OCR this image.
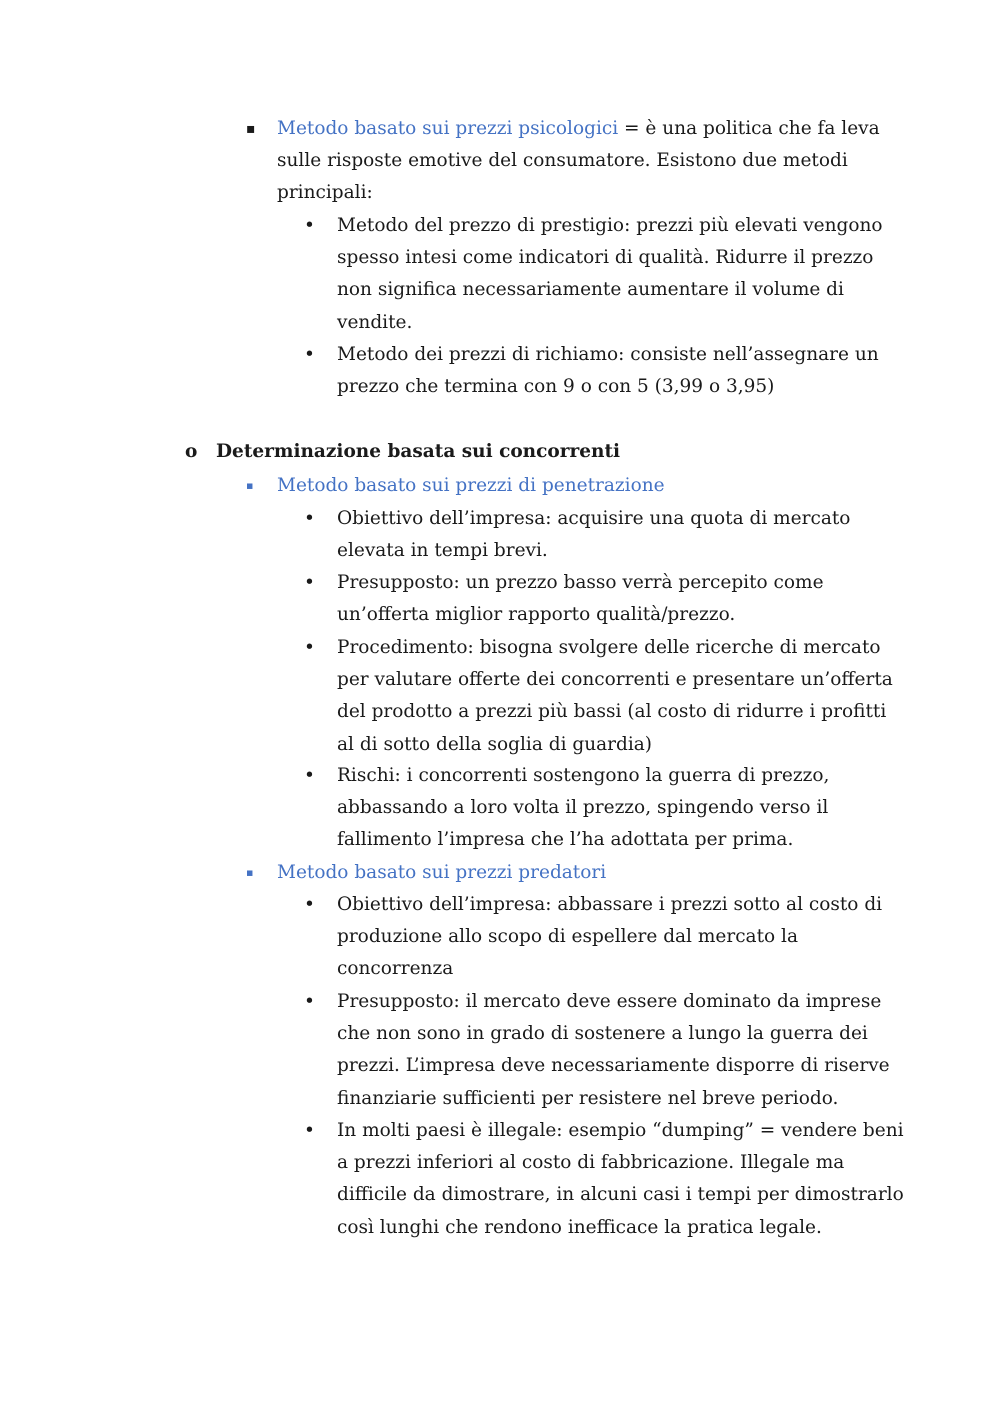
▪ Metodo basato sui prezzi psicologici = è una politica che fa leva
sulle risposte emotive del consumatore. Esistono due metodi
principali:
• Metodo del prezzo di prestigio: prezzi più elevati vengono
spesso intesi come indicatori di qualità. Ridurre il prezzo
non significa necessariamente aumentare il volume di
vendite.
• Metodo dei prezzi di richiamo: consiste nell’assegnare un
prezzo che termina con 9 o con 5 (3,99 o 3,95)
o Determinazione basata sui concorrenti
▪ Metodo basato sui prezzi di penetrazione
• Obiettivo dell’impresa: acquisire una quota di mercato
elevata in tempi brevi.
• Presupposto: un prezzo basso verrà percepito come
un’offerta miglior rapporto qualità/prezzo.
• Procedimento: bisogna svolgere delle ricerche di mercato
per valutare offerte dei concorrenti e presentare un’offerta
del prodotto a prezzi più bassi (al costo di ridurre i profitti
al di sotto della soglia di guardia)
• Rischi: i concorrenti sostengono la guerra di prezzo,
abbassando a loro volta il prezzo, spingendo verso il
fallimento l’impresa che l’ha adottata per prima.
▪ Metodo basato sui prezzi predatori
• Obiettivo dell’impresa: abbassare i prezzi sotto al costo di
produzione allo scopo di espellere dal mercato la
concorrenza
• Presupposto: il mercato deve essere dominato da imprese
che non sono in grado di sostenere a lungo la guerra dei
prezzi. L’impresa deve necessariamente disporre di riserve
finanziarie sufficienti per resistere nel breve periodo.
• In molti paesi è illegale: esempio “dumping” = vendere beni
a prezzi inferiori al costo di fabbricazione. Illegale ma
difficile da dimostrare, in alcuni casi i tempi per dimostrarlo
così lunghi che rendono inefficace la pratica legale.
